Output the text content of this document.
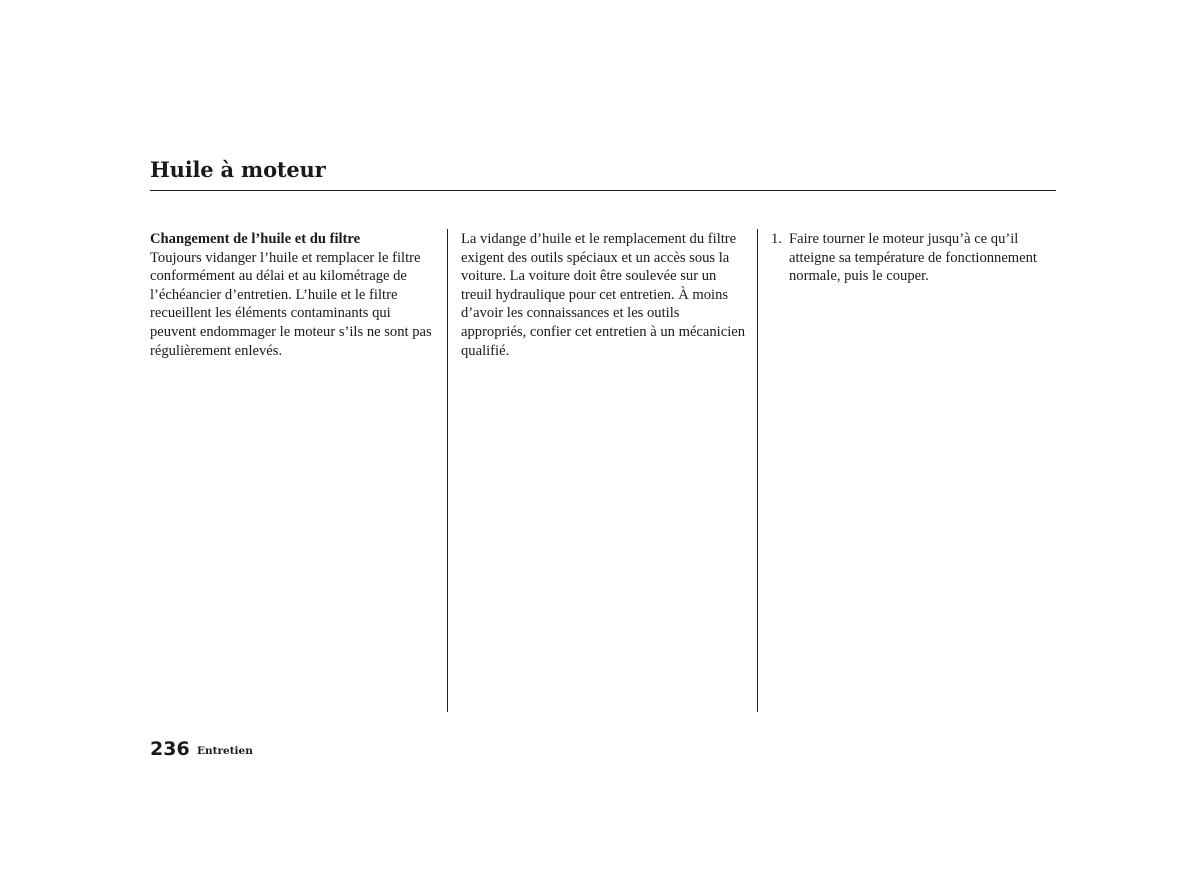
Huile à moteur
Changement de l’huile et du filtre

Toujours vidanger l’huile et remplacer le filtre conformément au délai et au kilométrage de l’échéancier d’entretien. L’huile et le filtre recueillent les éléments contaminants qui peuvent endommager le moteur s’ils ne sont pas régulièrement enlevés.

La vidange d’huile et le remplacement du filtre exigent des outils spéciaux et un accès sous la voiture. La voiture doit être soulevée sur un treuil hydraulique pour cet entretien. À moins d’avoir les connaissances et les outils appropriés, confier cet entretien à un mécanicien qualifié.

1. Faire tourner le moteur jusqu’à ce qu’il atteigne sa température de fonctionnement normale, puis le couper.

236 Entretien
